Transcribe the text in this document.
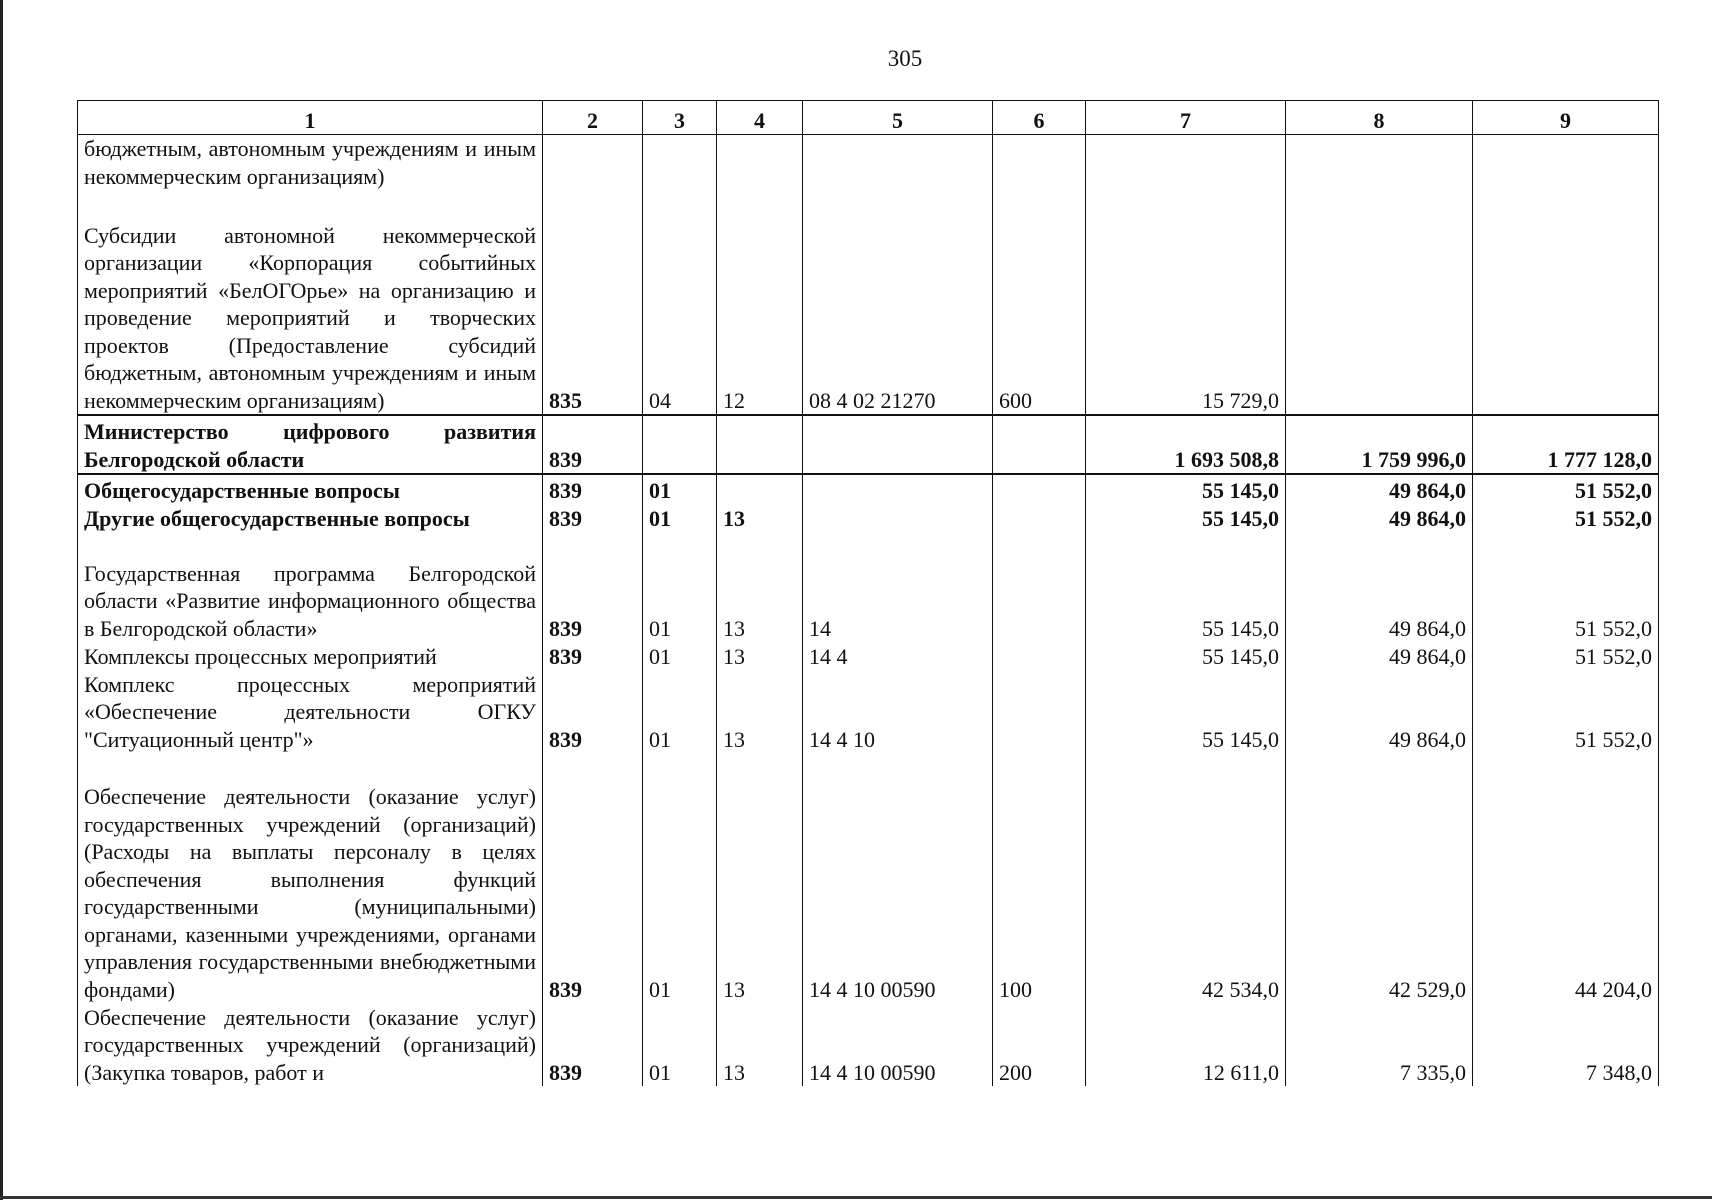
305
1	2	3	4	5	6	7	8	9
бюджетным, автономным учреждениям и иным некоммерческим организациям)								
Субсидии автономной некоммерческой организации «Корпорация событийных мероприятий «БелОГОрье» на организацию и проведение мероприятий и творческих проектов (Предоставление субсидий бюджетным, автономным учреждениям и иным некоммерческим организациям)	835	04	12	08 4 02 21270	600	15 729,0		
Министерство цифрового развития Белгородской области	839					1 693 508,8	1 759 996,0	1 777 128,0
Общегосударственные вопросы	839	01				55 145,0	49 864,0	51 552,0
Другие общегосударственные вопросы	839	01	13			55 145,0	49 864,0	51 552,0
Государственная программа Белгородской области «Развитие информационного общества в Белгородской области»	839	01	13	14		55 145,0	49 864,0	51 552,0
Комплексы процессных мероприятий	839	01	13	14 4		55 145,0	49 864,0	51 552,0
Комплекс процессных мероприятий «Обеспечение деятельности ОГКУ "Ситуационный центр"»	839	01	13	14 4 10		55 145,0	49 864,0	51 552,0
Обеспечение деятельности (оказание услуг) государственных учреждений (организаций) (Расходы на выплаты персоналу в целях обеспечения выполнения функций государственными (муниципальными) органами, казенными учреждениями, органами управления государственными внебюджетными фондами)	839	01	13	14 4 10 00590	100	42 534,0	42 529,0	44 204,0
Обеспечение деятельности (оказание услуг) государственных учреждений (организаций) (Закупка товаров, работ и	839	01	13	14 4 10 00590	200	12 611,0	7 335,0	7 348,0
